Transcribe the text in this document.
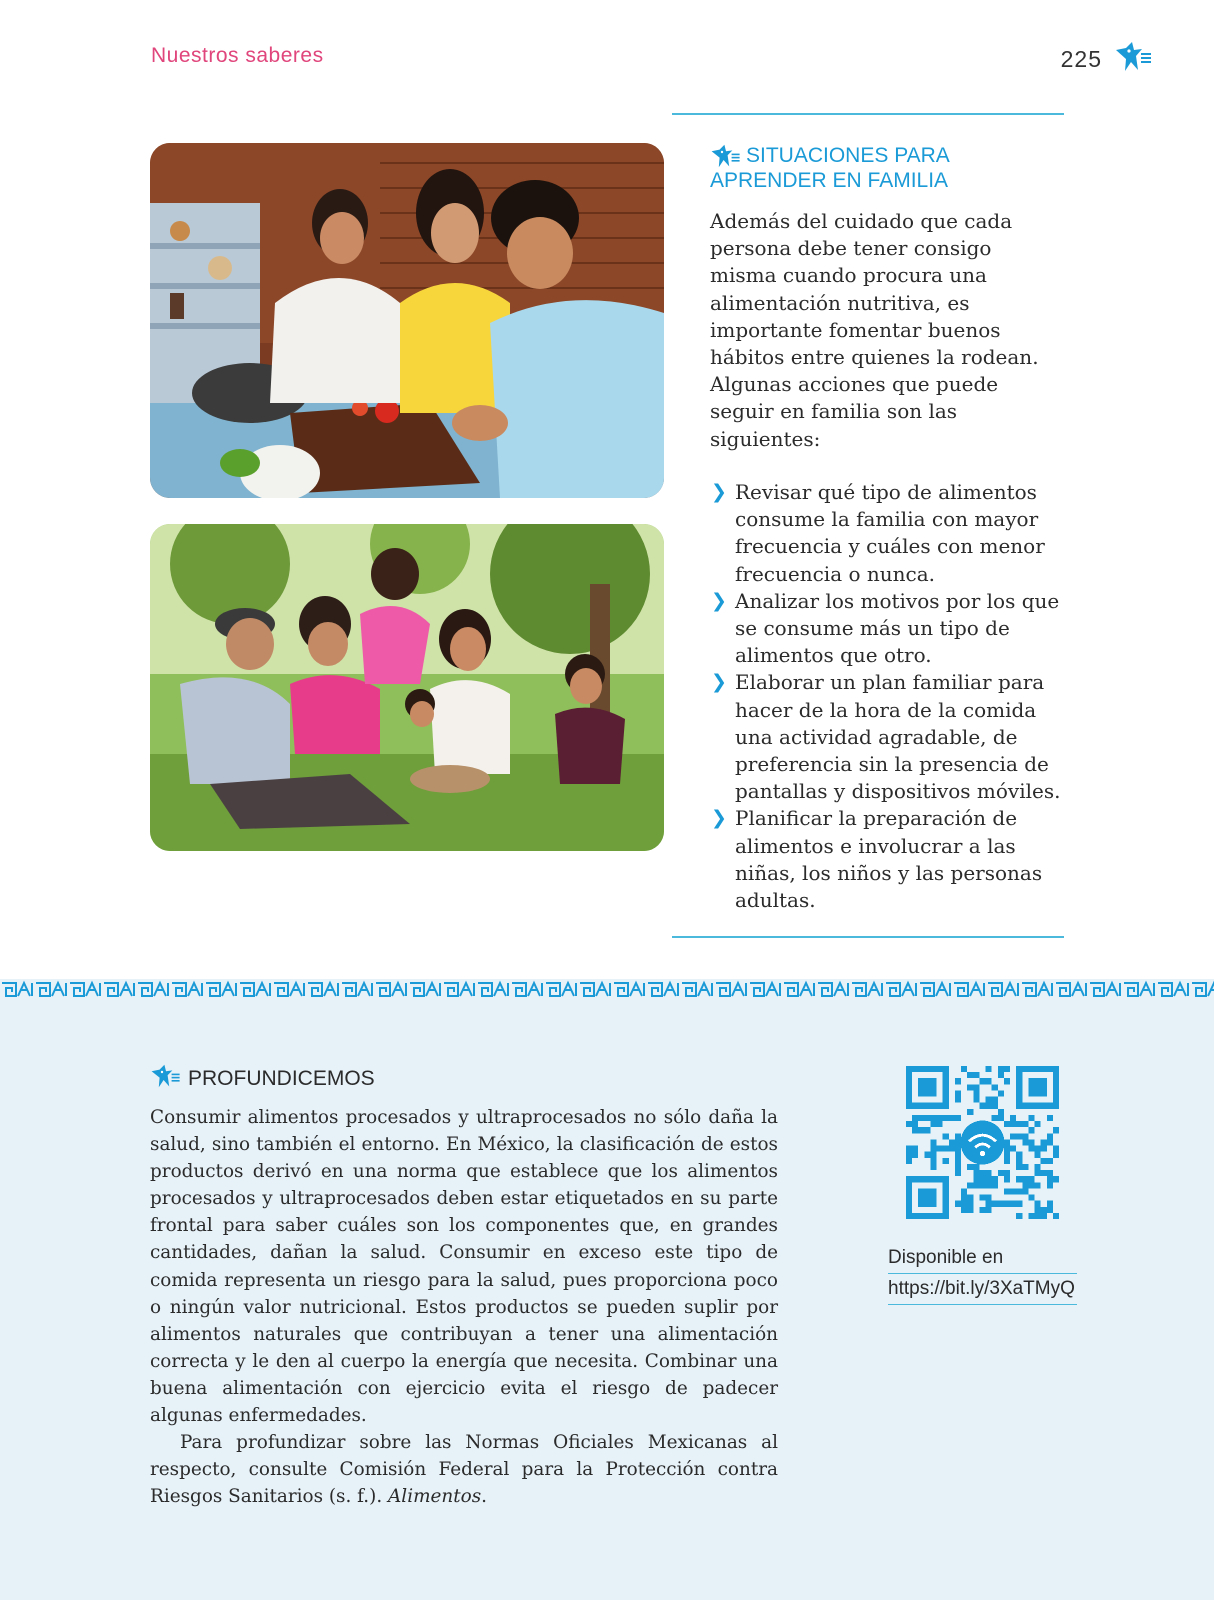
Nuestros saberes	225
SITUACIONES PARA
APRENDER EN FAMILIA
Además del cuidado que cada persona debe tener consigo misma cuando procura una alimentación nutritiva, es importante fomentar buenos hábitos entre quienes la rodean. Algunas acciones que puede seguir en familia son las siguientes:
❯ Revisar qué tipo de alimentos consume la familia con mayor frecuencia y cuáles con menor frecuencia o nunca.
❯ Analizar los motivos por los que se consume más un tipo de alimentos que otro.
❯ Elaborar un plan familiar para hacer de la hora de la comida una actividad agradable, de preferencia sin la presencia de pantallas y dispositivos móviles.
❯ Planificar la preparación de alimentos e involucrar a las niñas, los niños y las personas adultas.
PROFUNDICEMOS

Consumir alimentos procesados y ultraprocesados no sólo daña la salud, sino también el entorno. En México, la clasificación de estos productos derivó en una norma que establece que los alimentos procesados y ultraprocesados deben estar etiquetados en su parte frontal para saber cuáles son los componentes que, en grandes cantidades, dañan la salud. Consumir en exceso este tipo de comida representa un riesgo para la salud, pues proporciona poco o ningún valor nutricional. Estos productos se pueden suplir por alimentos naturales que contribuyan a tener una alimentación correcta y le den al cuerpo la energía que necesita. Combinar una buena alimentación con ejercicio evita el riesgo de padecer algunas enfermedades.

Para profundizar sobre las Normas Oficiales Mexicanas al respecto, consulte Comisión Federal para la Protección contra Riesgos Sanitarios (s. f.). Alimentos.

Disponible en
https://bit.ly/3XaTMyQ
